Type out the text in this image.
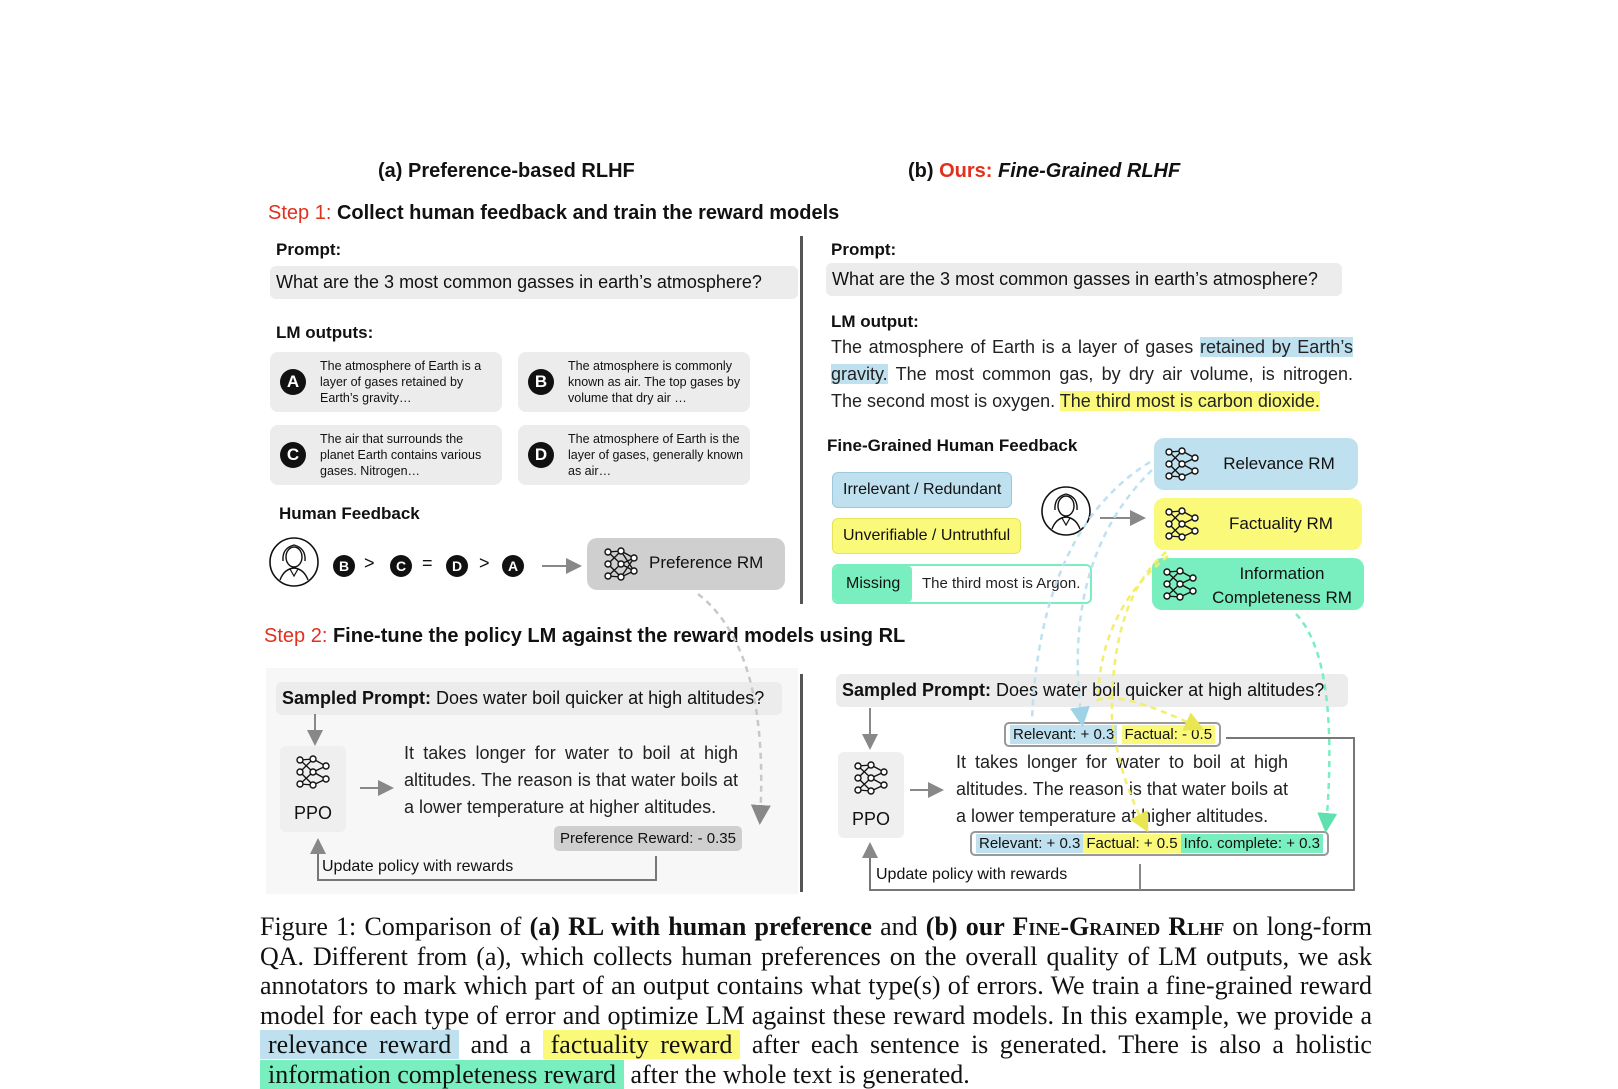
(a) Preference-based RLHF	(b) Ours: Fine-Grained RLHF
Step 1: Collect human feedback and train the reward models
Prompt:
What are the 3 most common gasses in earth’s atmosphere?
LM outputs:
A
The atmosphere of Earth is a layer of gases retained by Earth’s gravity…
B
The atmosphere is commonly known as air. The top gases by volume that dry air …
C
The air that surrounds the planet Earth contains various gases. Nitrogen…
D
The atmosphere of Earth is the layer of gases, generally known as air…
Human Feedback
B >	C =	D >	A	Preference RM
Prompt:
What are the 3 most common gasses in earth’s atmosphere?
LM output:
The atmosphere of Earth is a layer of gases retained by Earth’s gravity. The most common gas, by dry air volume, is nitrogen. The second most is oxygen. The third most is carbon dioxide.
Fine-Grained Human Feedback
Irrelevant / Redundant
Unverifiable / Untruthful
Missing	The third most is Argon.
Relevance RM
Factuality RM
Information
Completeness RM
Step 2: Fine-tune the policy LM against the reward models using RL
Sampled Prompt: Does water boil quicker at high altitudes?
PPO
It takes longer for water to boil at high altitudes. The reason is that water boils at a lower temperature at higher altitudes.
Preference Reward: - 0.35
Update policy with rewards
Sampled Prompt: Does water boil quicker at high altitudes?
PPO
It takes longer for water to boil at high altitudes. The reason is that water boils at a lower temperature at higher altitudes.
Relevant: + 0.3 Factual: - 0.5
Relevant: + 0.3 Factual: + 0.5 Info. complete: + 0.3
Update policy with rewards
Figure 1: Comparison of (a) RL with human preference and (b) our Fine-Grained Rlhf on long-form QA. Different from (a), which collects human preferences on the overall quality of LM outputs, we ask annotators to mark which part of an output contains what type(s) of errors. We train a fine-grained reward model for each type of error and optimize LM against these reward models. In this example, we provide a relevance reward and a factuality reward after each sentence is generated. There is also a holistic information completeness reward after the whole text is generated.
